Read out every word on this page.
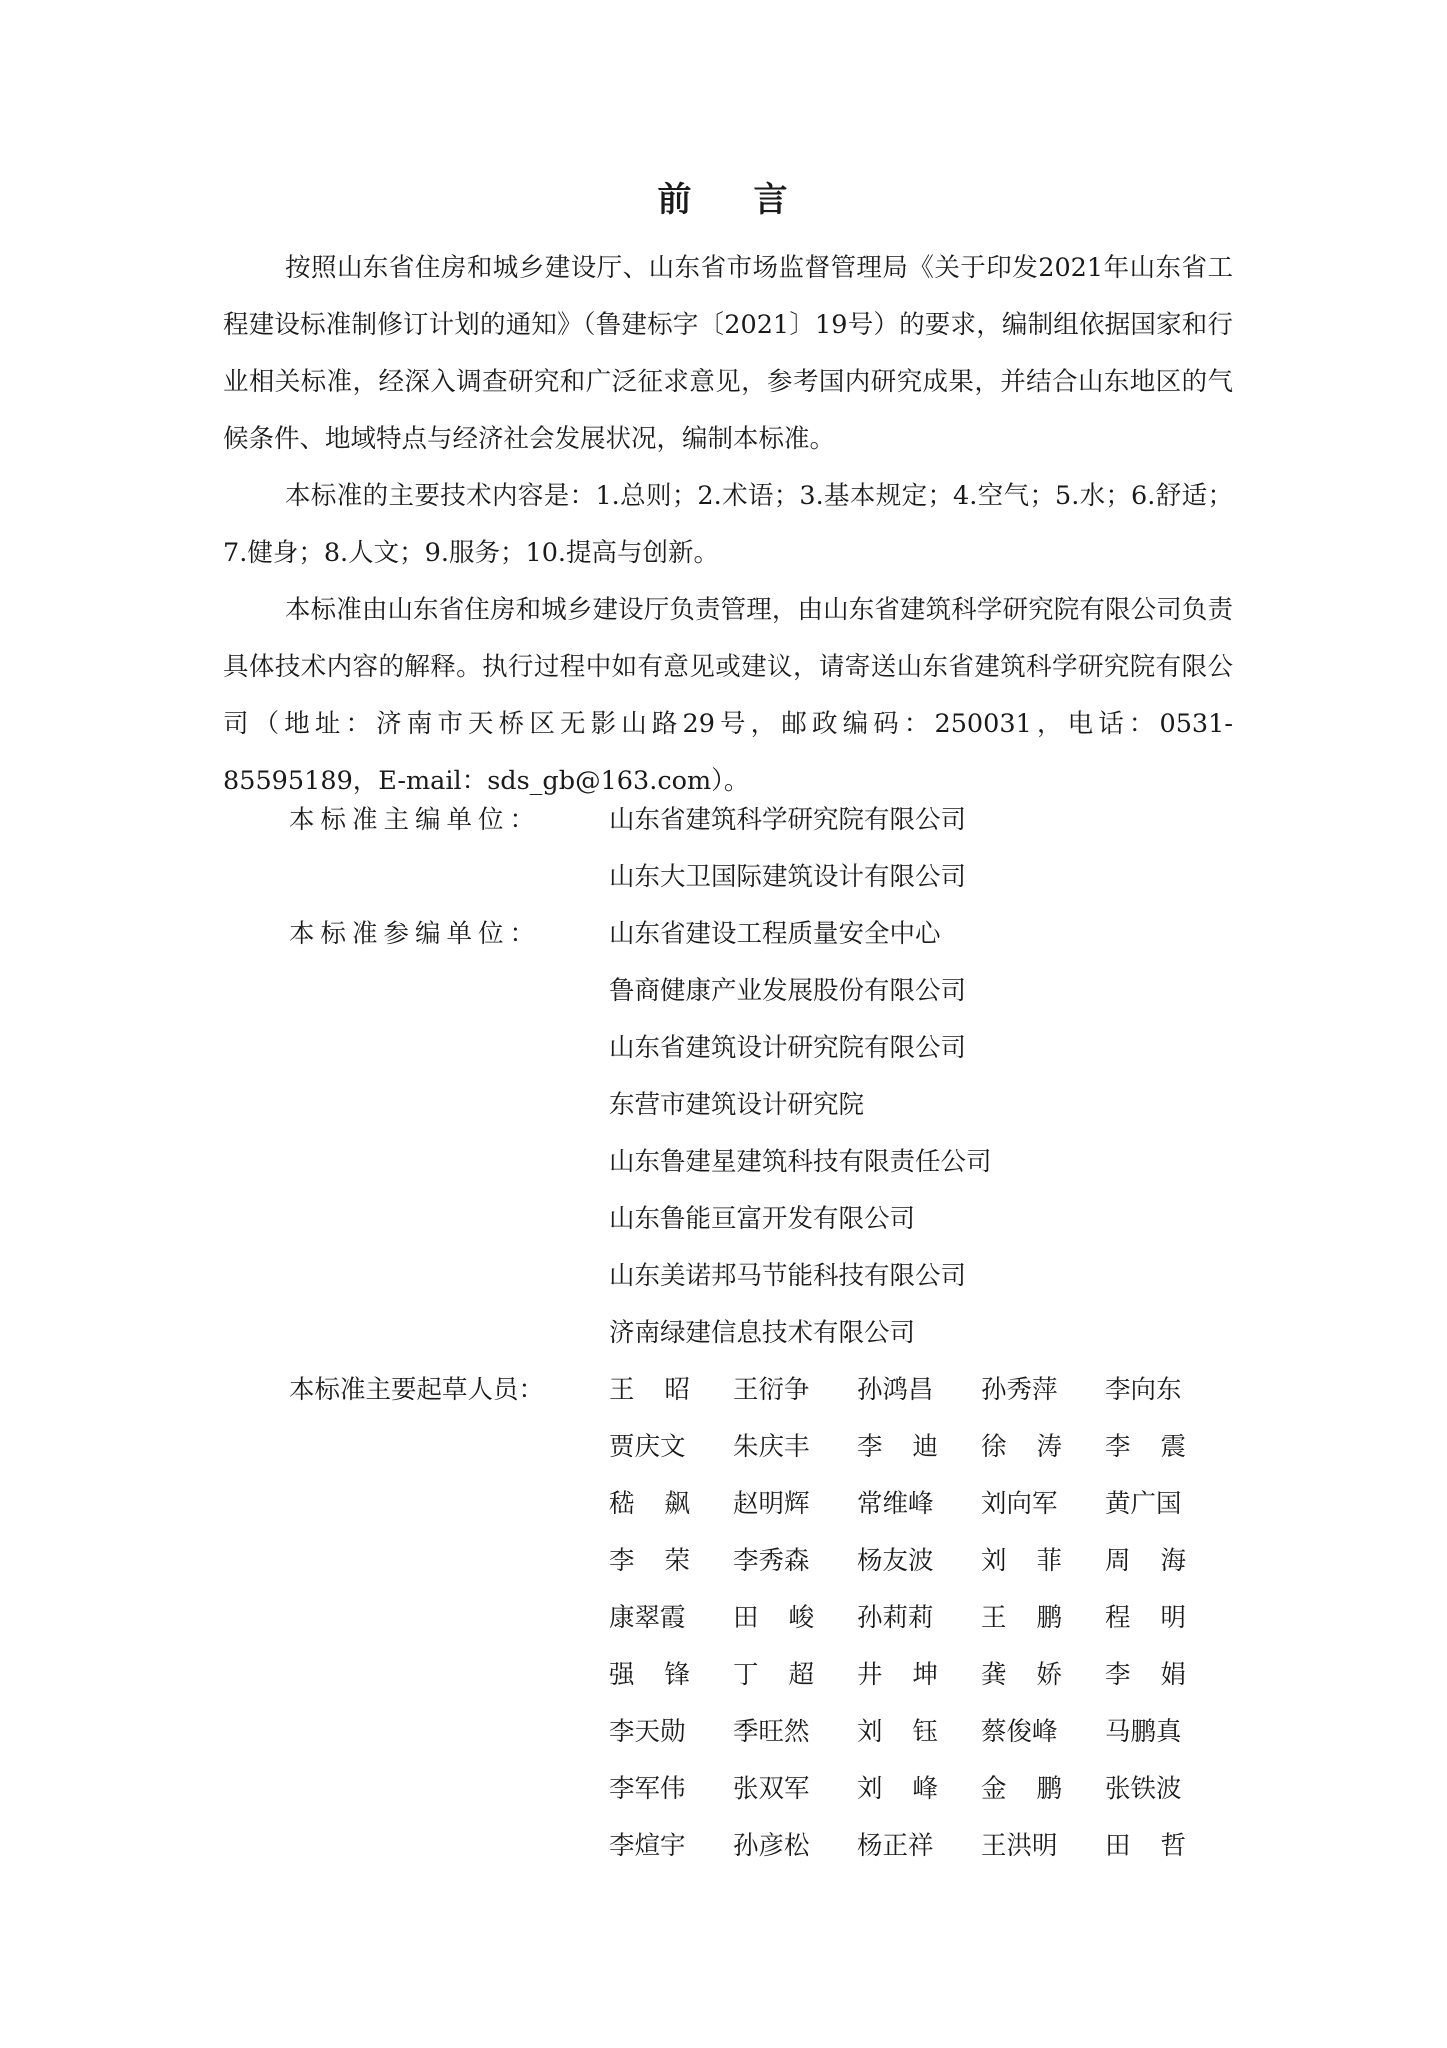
前 言

按照山东省住房和城乡建设厅、山东省市场监督管理局《关于印发2021年山东省工程建设标准制修订计划的通知》（鲁建标字〔2021〕19号）的要求，编制组依据国家和行业相关标准，经深入调查研究和广泛征求意见，参考国内研究成果，并结合山东地区的气候条件、地域特点与经济社会发展状况，编制本标准。

本标准的主要技术内容是：1.总则；2.术语；3.基本规定；4.空气；5.水；6.舒适；7.健身；8.人文；9.服务；10.提高与创新。

本标准由山东省住房和城乡建设厅负责管理，由山东省建筑科学研究院有限公司负责具体技术内容的解释。执行过程中如有意见或建议，请寄送山东省建筑科学研究院有限公司（地址：济南市天桥区无影山路29号，邮政编码：250031，电话：0531-85595189，E-mail：sds_gb@163.com）。

本标准主编单位：	山东省建筑科学研究院有限公司
山东大卫国际建筑设计有限公司
本标准参编单位：	山东省建设工程质量安全中心
鲁商健康产业发展股份有限公司
山东省建筑设计研究院有限公司
东营市建筑设计研究院
山东鲁建星建筑科技有限责任公司
山东鲁能亘富开发有限公司
山东美诺邦马节能科技有限公司
济南绿建信息技术有限公司
本标准主要起草人员：	王昭 王衍争	孙鸿昌	孙秀萍	李向东
贾庆文	朱庆丰	李迪 徐涛 李震
嵇飙 赵明辉	常维峰	刘向军	黄广国
李荣 李秀森	杨友波	刘菲 周海
康翠霞	田峻 孙莉莉	王鹏 程明
强锋 丁超 井坤 龚娇 李娟
李天勋	季旺然	刘钰 蔡俊峰	马鹏真
李军伟	张双军	刘峰 金鹏 张铁波
李煊宇	孙彦松	杨正祥	王洪明	田哲
